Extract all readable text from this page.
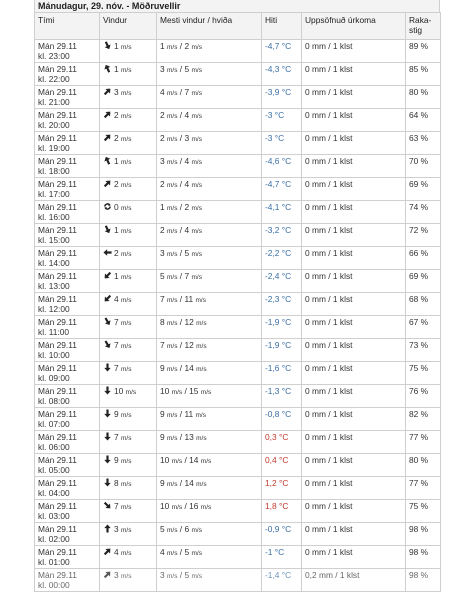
Mánudagur, 29. nóv. - Möðruvellir
Tími	Vindur	Mesti vindur / hviða	Hiti	Uppsöfnuð úrkoma	Raka-
stig
Mán 29.11
kl. 23:00	1 m/s	1 m/s / 2 m/s	-4,7 °C	0 mm / 1 klst	89 %
Mán 29.11
kl. 22:00	1 m/s	3 m/s / 5 m/s	-4,3 °C	0 mm / 1 klst	85 %
Mán 29.11
kl. 21:00	3 m/s	4 m/s / 7 m/s	-3,9 °C	0 mm / 1 klst	80 %
Mán 29.11
kl. 20:00	2 m/s	2 m/s / 4 m/s	-3 °C	0 mm / 1 klst	64 %
Mán 29.11
kl. 19:00	2 m/s	2 m/s / 3 m/s	-3 °C	0 mm / 1 klst	63 %
Mán 29.11
kl. 18:00	1 m/s	3 m/s / 4 m/s	-4,6 °C	0 mm / 1 klst	70 %
Mán 29.11
kl. 17:00	2 m/s	2 m/s / 4 m/s	-4,7 °C	0 mm / 1 klst	69 %
Mán 29.11
kl. 16:00	0 m/s	1 m/s / 2 m/s	-4,1 °C	0 mm / 1 klst	74 %
Mán 29.11
kl. 15:00	1 m/s	2 m/s / 4 m/s	-3,2 °C	0 mm / 1 klst	72 %
Mán 29.11
kl. 14:00	2 m/s	3 m/s / 5 m/s	-2,2 °C	0 mm / 1 klst	66 %
Mán 29.11
kl. 13:00	1 m/s	5 m/s / 7 m/s	-2,4 °C	0 mm / 1 klst	69 %
Mán 29.11
kl. 12:00	4 m/s	7 m/s / 11 m/s	-2,3 °C	0 mm / 1 klst	68 %
Mán 29.11
kl. 11:00	7 m/s	8 m/s / 12 m/s	-1,9 °C	0 mm / 1 klst	67 %
Mán 29.11
kl. 10:00	7 m/s	7 m/s / 12 m/s	-1,9 °C	0 mm / 1 klst	73 %
Mán 29.11
kl. 09:00	7 m/s	9 m/s / 14 m/s	-1,6 °C	0 mm / 1 klst	75 %
Mán 29.11
kl. 08:00	10 m/s	10 m/s / 15 m/s	-1,3 °C	0 mm / 1 klst	76 %
Mán 29.11
kl. 07:00	9 m/s	9 m/s / 11 m/s	-0,8 °C	0 mm / 1 klst	82 %
Mán 29.11
kl. 06:00	7 m/s	9 m/s / 13 m/s	0,3 °C	0 mm / 1 klst	77 %
Mán 29.11
kl. 05:00	9 m/s	10 m/s / 14 m/s	0,4 °C	0 mm / 1 klst	80 %
Mán 29.11
kl. 04:00	8 m/s	9 m/s / 14 m/s	1,2 °C	0 mm / 1 klst	77 %
Mán 29.11
kl. 03:00	7 m/s	10 m/s / 16 m/s	1,8 °C	0 mm / 1 klst	75 %
Mán 29.11
kl. 02:00	3 m/s	5 m/s / 6 m/s	-0,9 °C	0 mm / 1 klst	98 %
Mán 29.11
kl. 01:00	4 m/s	4 m/s / 5 m/s	-1 °C	0 mm / 1 klst	98 %
Mán 29.11
kl. 00:00	3 m/s	3 m/s / 5 m/s	-1,4 °C	0,2 mm / 1 klst	98 %
